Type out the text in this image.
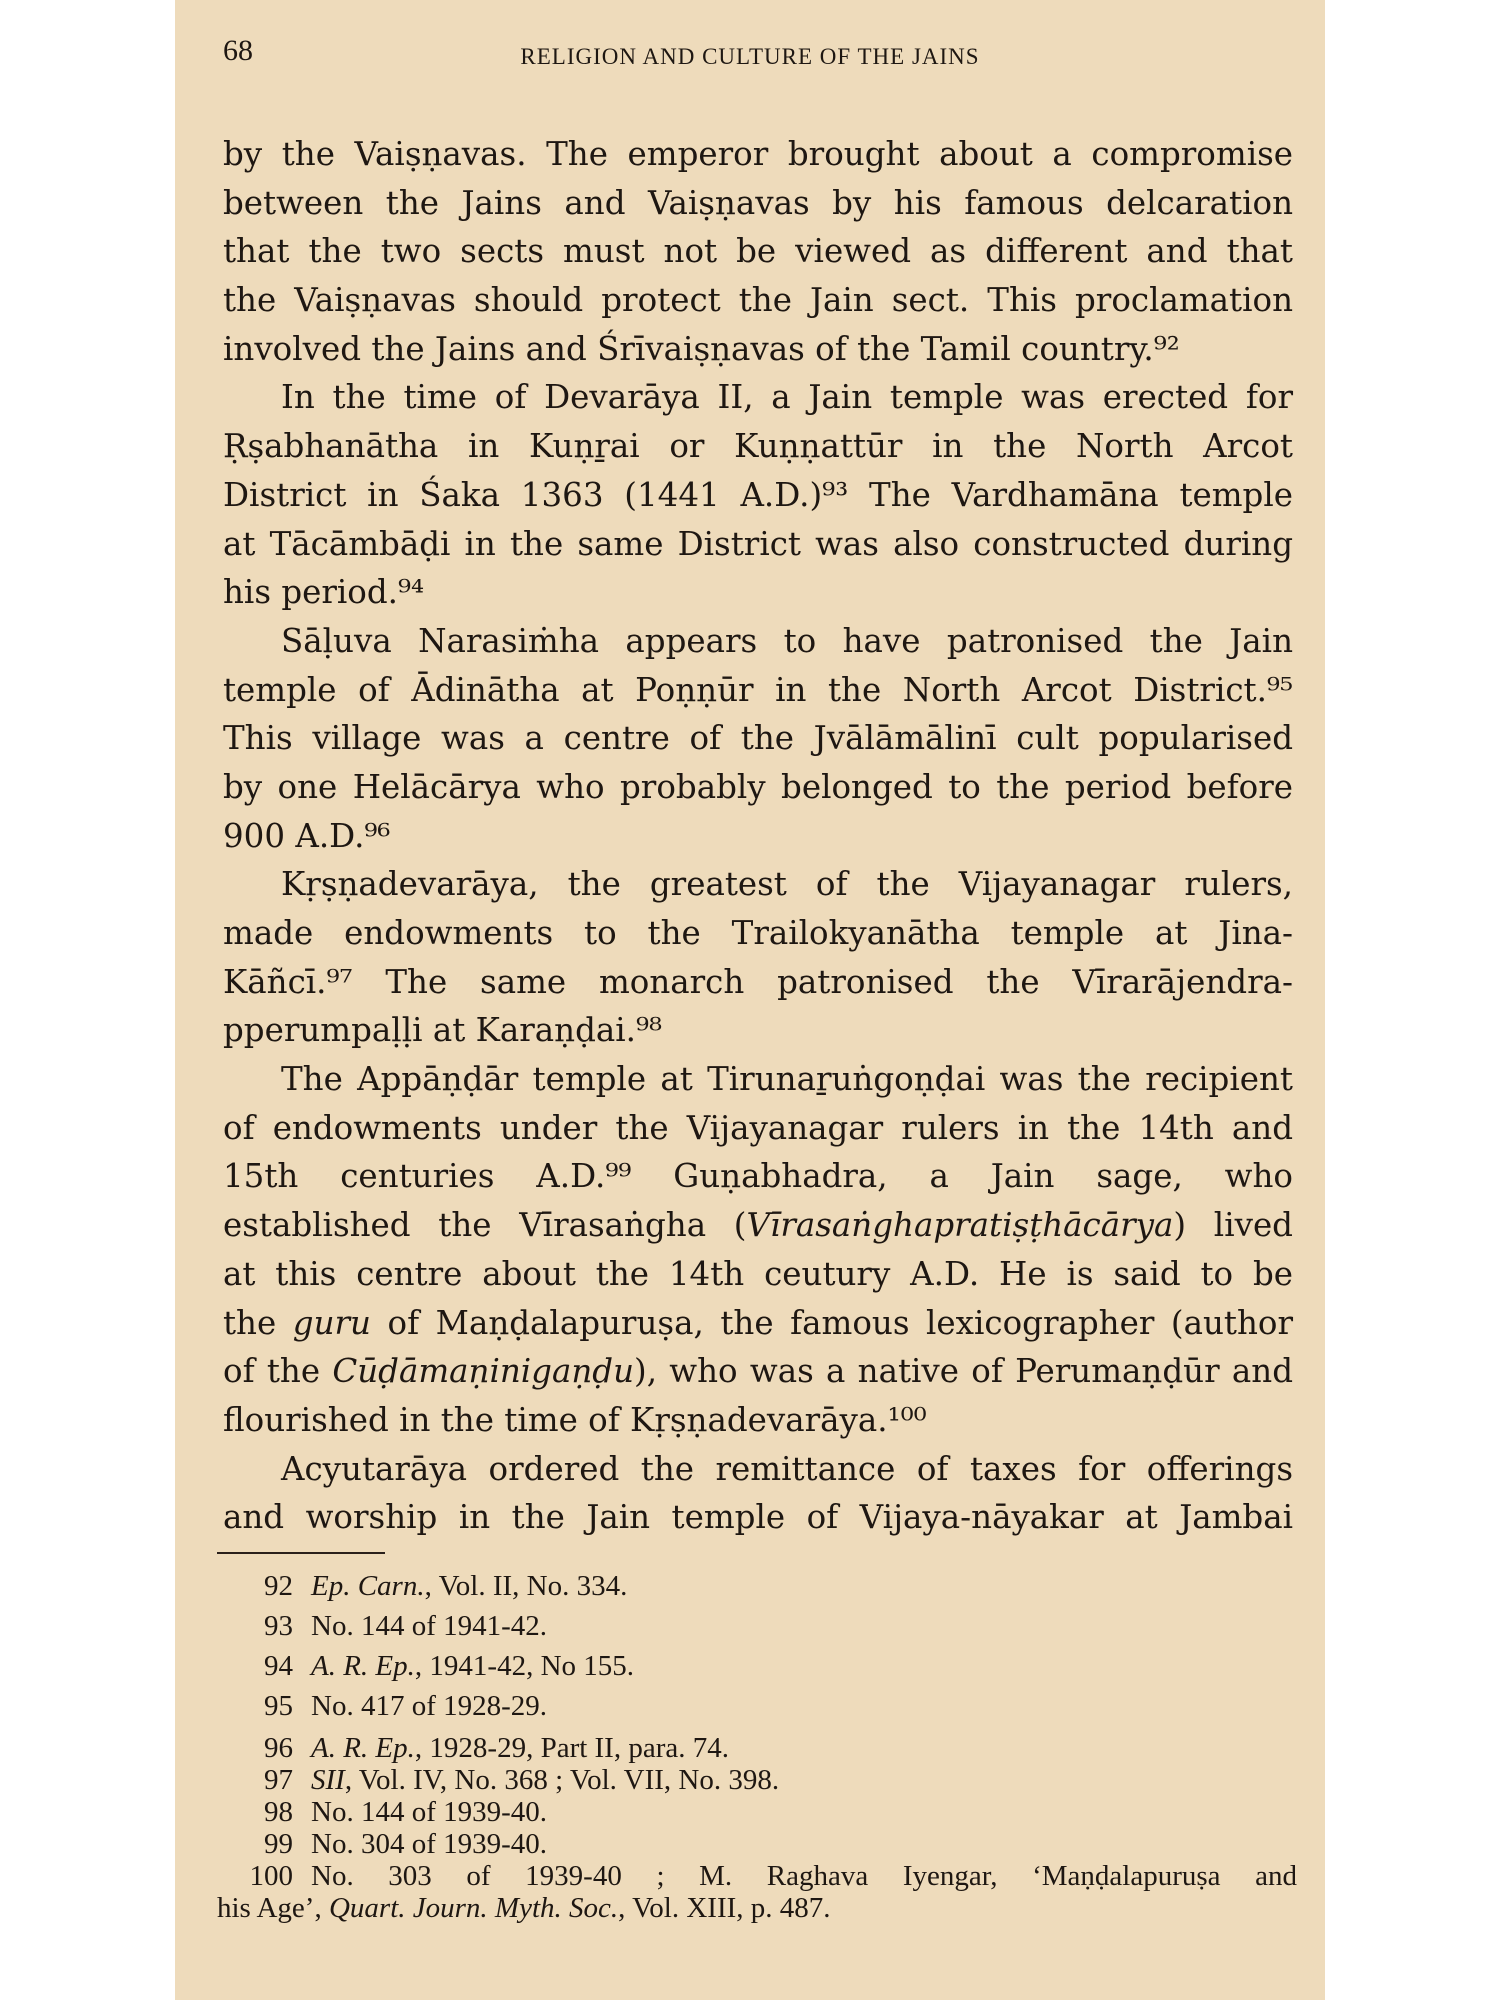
68	RELIGION AND CULTURE OF THE JAINS
by the Vaiṣṇavas. The emperor brought about a compromise
between the Jains and Vaiṣṇavas by his famous delcaration
that the two sects must not be viewed as different and that
the Vaiṣṇavas should protect the Jain sect. This proclamation
involved the Jains and Śrīvaiṣṇavas of the Tamil country.⁹²
In the time of Devarāya II, a Jain temple was erected for
Ṛṣabhanātha in Kuṇṟai or Kuṇṇattūr in the North Arcot
District in Śaka 1363 (1441 A.D.)⁹³ The Vardhamāna temple
at Tācāmbāḍi in the same District was also constructed during
his period.⁹⁴
Sāḷuva Narasiṁha appears to have patronised the Jain
temple of Ādinātha at Poṇṇūr in the North Arcot District.⁹⁵
This village was a centre of the Jvālāmālinī cult popularised
by one Helācārya who probably belonged to the period before
900 A.D.⁹⁶
Kṛṣṇadevarāya, the greatest of the Vijayanagar rulers,
made endowments to the Trailokyanātha temple at Jina-
Kāñcī.⁹⁷ The same monarch patronised the Vīrarājendra-
pperumpaḷḷi at Karaṇḍai.⁹⁸
The Appāṇḍār temple at Tirunaṟuṅgoṇḍai was the recipient
of endowments under the Vijayanagar rulers in the 14th and
15th centuries A.D.⁹⁹ Guṇabhadra, a Jain sage, who
established the Vīrasaṅgha (Vīrasaṅghapratiṣṭhācārya) lived
at this centre about the 14th ceutury A.D. He is said to be
the guru of Maṇḍalapuruṣa, the famous lexicographer (author
of the Cūḍāmaṇinigaṇḍu), who was a native of Perumaṇḍūr and
flourished in the time of Kṛṣṇadevarāya.¹⁰⁰
Acyutarāya ordered the remittance of taxes for offerings
and worship in the Jain temple of Vijaya-nāyakar at Jambai
92 Ep. Carn., Vol. II, No. 334.
93 No. 144 of 1941-42.
94 A. R. Ep., 1941-42, No 155.
95 No. 417 of 1928-29.
96 A. R. Ep., 1928-29, Part II, para. 74.
97 SII, Vol. IV, No. 368 ; Vol. VII, No. 398.
98 No. 144 of 1939-40.
99 No. 304 of 1939-40.
100 No. 303 of 1939-40 ; M. Raghava Iyengar, ‘Maṇḍalapuruṣa and
his Age’, Quart. Journ. Myth. Soc., Vol. XIII, p. 487.
